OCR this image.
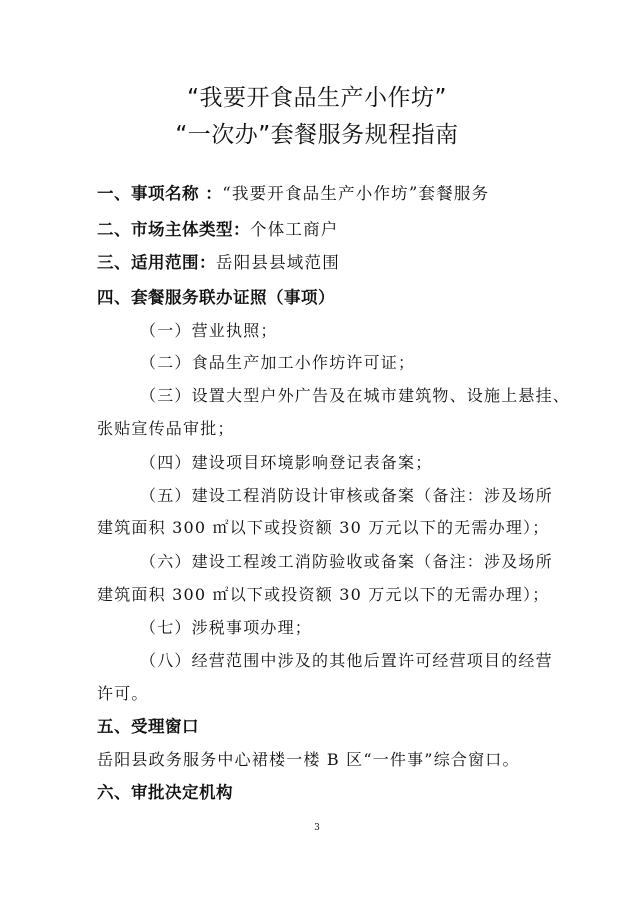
“我要开食品生产小作坊”
“一次办”套餐服务规程指南
一、事项名称 ：“我要开食品生产小作坊”套餐服务
二、市场主体类型：个体工商户
三、适用范围：岳阳县县域范围
四、套餐服务联办证照（事项）
（一）营业执照；
（二）食品生产加工小作坊许可证；
（三）设置大型户外广告及在城市建筑物、设施上悬挂、
张贴宣传品审批；
（四）建设项目环境影响登记表备案；
（五）建设工程消防设计审核或备案（备注：涉及场所
建筑面积 300 ㎡以下或投资额 30 万元以下的无需办理）；
（六）建设工程竣工消防验收或备案（备注：涉及场所
建筑面积 300 ㎡以下或投资额 30 万元以下的无需办理）；
（七）涉税事项办理；
（八）经营范围中涉及的其他后置许可经营项目的经营
许可。
五、受理窗口
岳阳县政务服务中心裙楼一楼 B 区“一件事”综合窗口。
六、审批决定机构
3
